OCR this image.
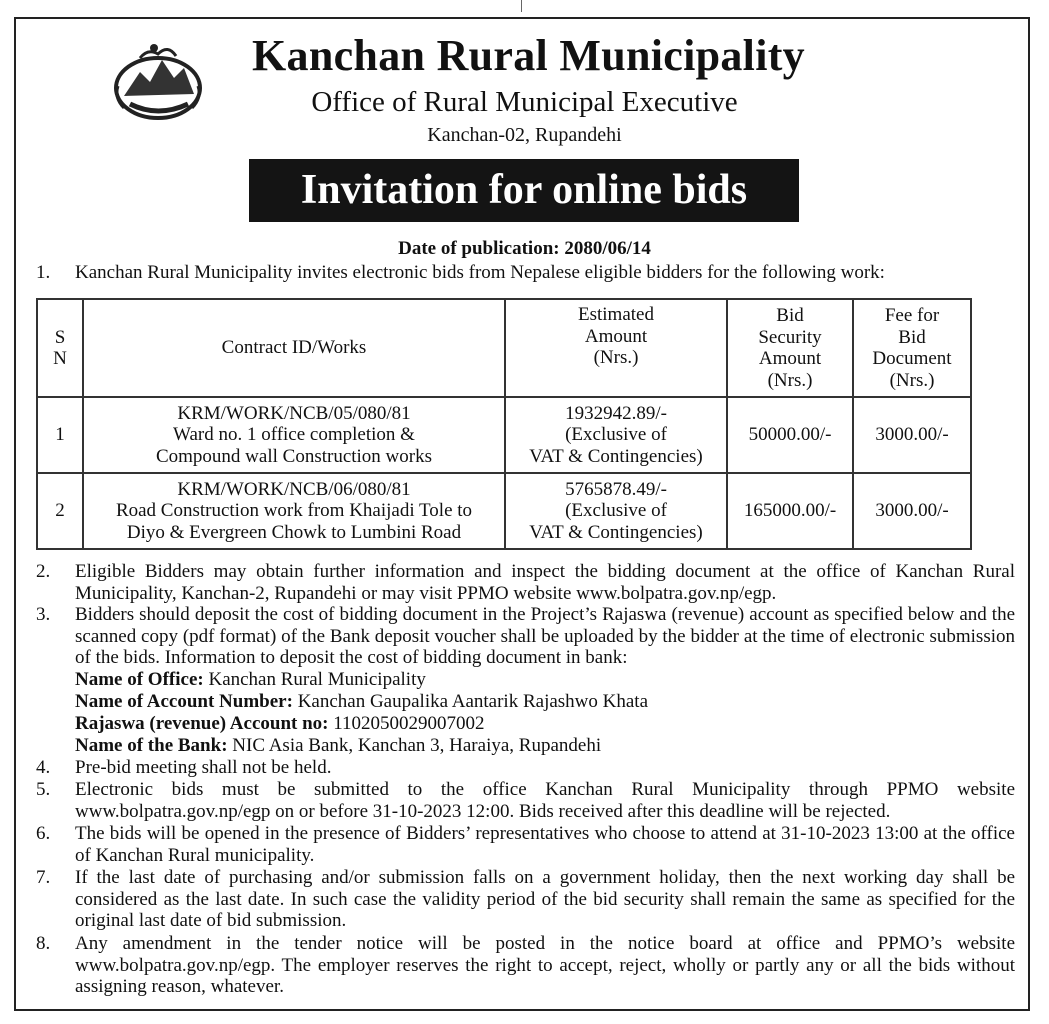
Kanchan Rural Municipality
Office of Rural Municipal Executive
Kanchan-02, Rupandehi
Invitation for online bids
Date of publication: 2080/06/14
1. Kanchan Rural Municipality invites electronic bids from Nepalese eligible bidders for the following work:
S
N	Contract ID/Works	Estimated
Amount
(Nrs.)	Bid
Security
Amount
(Nrs.)	Fee for
Bid
Document
(Nrs.)
1	KRM/WORK/NCB/05/080/81
Ward no. 1 office completion &
Compound wall Construction works	1932942.89/-
(Exclusive of
VAT & Contingencies)	50000.00/-	3000.00/-
2	KRM/WORK/NCB/06/080/81
Road Construction work from Khaijadi Tole to
Diyo & Evergreen Chowk to Lumbini Road	5765878.49/-
(Exclusive of
VAT & Contingencies)	165000.00/-	3000.00/-
2. Eligible Bidders may obtain further information and inspect the bidding document at the office of Kanchan Rural Municipality, Kanchan-2, Rupandehi or may visit PPMO website www.bolpatra.gov.np/egp.
3. Bidders should deposit the cost of bidding document in the Project’s Rajaswa (revenue) account as specified below and the scanned copy (pdf format) of the Bank deposit voucher shall be uploaded by the bidder at the time of electronic submission of the bids. Information to deposit the cost of bidding document in bank:
Name of Office: Kanchan Rural Municipality
Name of Account Number: Kanchan Gaupalika Aantarik Rajashwo Khata
Rajaswa (revenue) Account no: 1102050029007002
Name of the Bank: NIC Asia Bank, Kanchan 3, Haraiya, Rupandehi
4. Pre-bid meeting shall not be held.
5. Electronic bids must be submitted to the office Kanchan Rural Municipality through PPMO website www.bolpatra.gov.np/egp on or before 31-10-2023 12:00. Bids received after this deadline will be rejected.
6. The bids will be opened in the presence of Bidders’ representatives who choose to attend at 31-10-2023 13:00 at the office of Kanchan Rural municipality.
7. If the last date of purchasing and/or submission falls on a government holiday, then the next working day shall be considered as the last date. In such case the validity period of the bid security shall remain the same as specified for the original last date of bid submission.
8. Any amendment in the tender notice will be posted in the notice board at office and PPMO’s website www.bolpatra.gov.np/egp. The employer reserves the right to accept, reject, wholly or partly any or all the bids without assigning reason, whatever.
